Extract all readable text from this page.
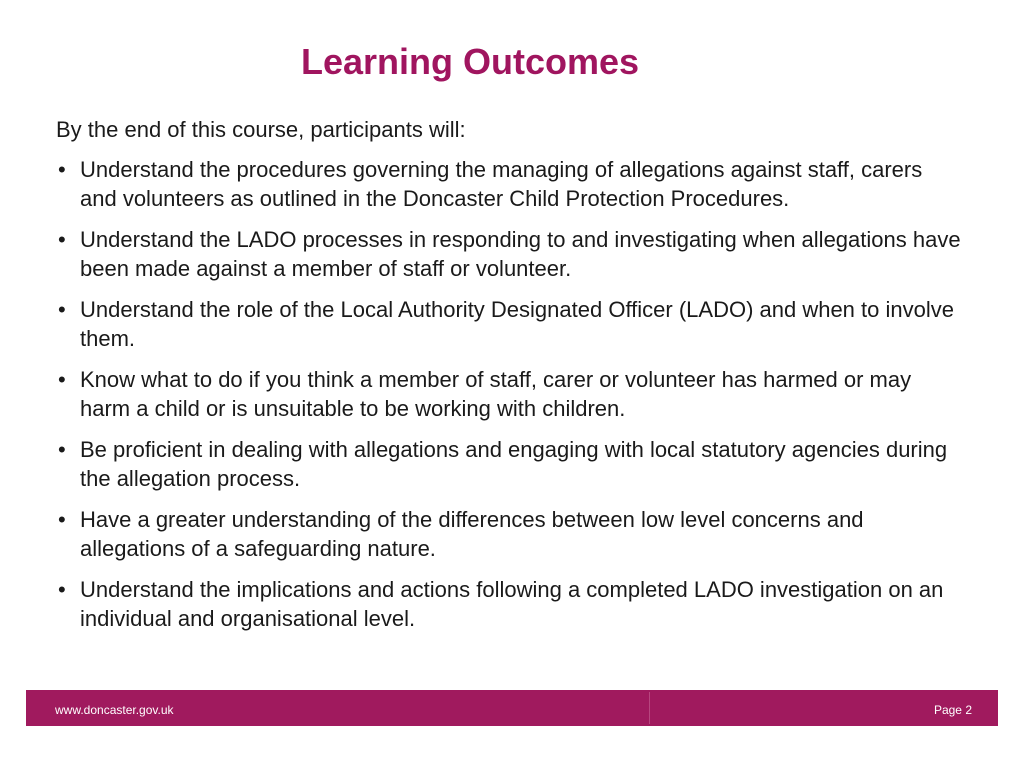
Learning Outcomes

By the end of this course, participants will:

• Understand the procedures governing the managing of allegations against staff, carers and volunteers as outlined in the Doncaster Child Protection Procedures.
• Understand the LADO processes in responding to and investigating when allegations have been made against a member of staff or volunteer.
• Understand the role of the Local Authority Designated Officer (LADO) and when to involve them.
• Know what to do if you think a member of staff, carer or volunteer has harmed or may harm a child or is unsuitable to be working with children.
• Be proficient in dealing with allegations and engaging with local statutory agencies during the allegation process.
• Have a greater understanding of the differences between low level concerns and allegations of a safeguarding nature.
• Understand the implications and actions following a completed LADO investigation on an individual and organisational level.
www.doncaster.gov.uk	Page 2
